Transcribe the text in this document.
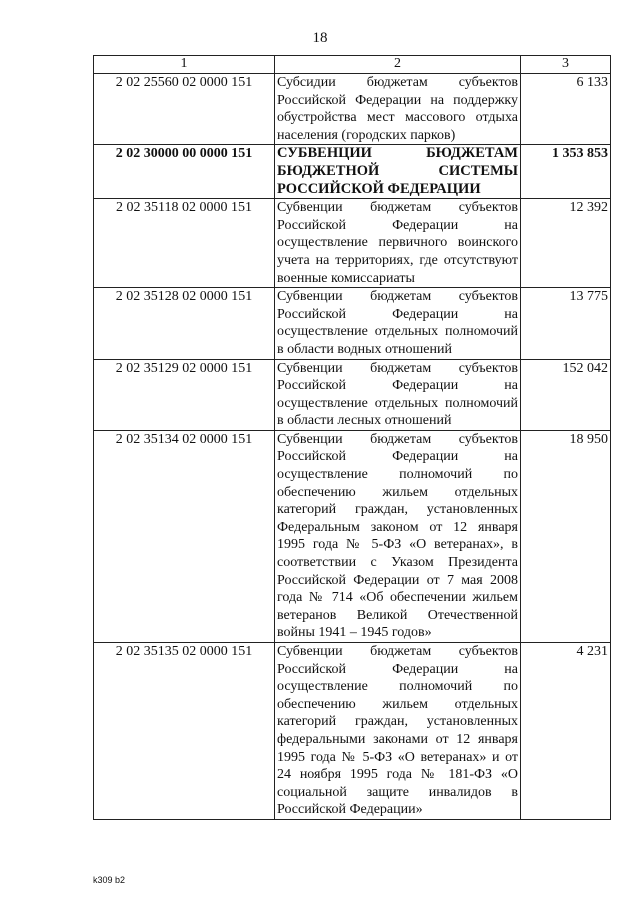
18
1	2	3
2 02 25560 02 0000 151	Субсидии бюджетам субъектов Российской Федерации на поддержку обустройства мест массового отдыха населения (городских парков)	6 133
2 02 30000 00 0000 151	СУБВЕНЦИИ БЮДЖЕТАМ БЮДЖЕТНОЙ СИСТЕМЫ РОССИЙСКОЙ ФЕДЕРАЦИИ	1 353 853
2 02 35118 02 0000 151	Субвенции бюджетам субъектов Российской Федерации на осуществление первичного воинского учета на территориях, где отсутствуют военные комиссариаты	12 392
2 02 35128 02 0000 151	Субвенции бюджетам субъектов Российской Федерации на осуществление отдельных полномочий в области водных отношений	13 775
2 02 35129 02 0000 151	Субвенции бюджетам субъектов Российской Федерации на осуществление отдельных полномочий в области лесных отношений	152 042
2 02 35134 02 0000 151	Субвенции бюджетам субъектов Российской Федерации на осуществление полномочий по обеспечению жильем отдельных категорий граждан, установленных Федеральным законом от 12 января 1995 года № 5-ФЗ «О ветеранах», в соответствии с Указом Президента Российской Федерации от 7 мая 2008 года № 714 «Об обеспечении жильем ветеранов Великой Отечественной войны 1941 – 1945 годов»	18 950
2 02 35135 02 0000 151	Субвенции бюджетам субъектов Российской Федерации на осуществление полномочий по обеспечению жильем отдельных категорий граждан, установленных федеральными законами от 12 января 1995 года № 5-ФЗ «О ветеранах» и от 24 ноября 1995 года № 181-ФЗ «О социальной защите инвалидов в Российской Федерации»	4 231
k309 b2
